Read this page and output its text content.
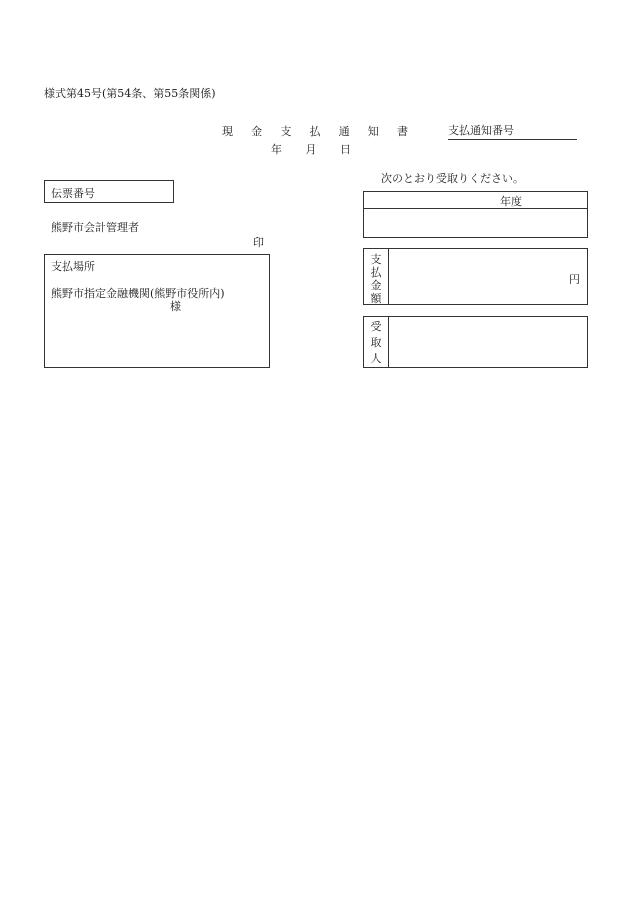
様式第45号(第54条、第55条関係)
現 金 支 払 通 知 書	支払通知番号
年 月 日
次のとおり受取りください。
伝票番号
熊野市会計管理者
印
支払場所
熊野市指定金融機関(熊野市役所内)
様
年度
支
払
金
額
円
受
取
人
